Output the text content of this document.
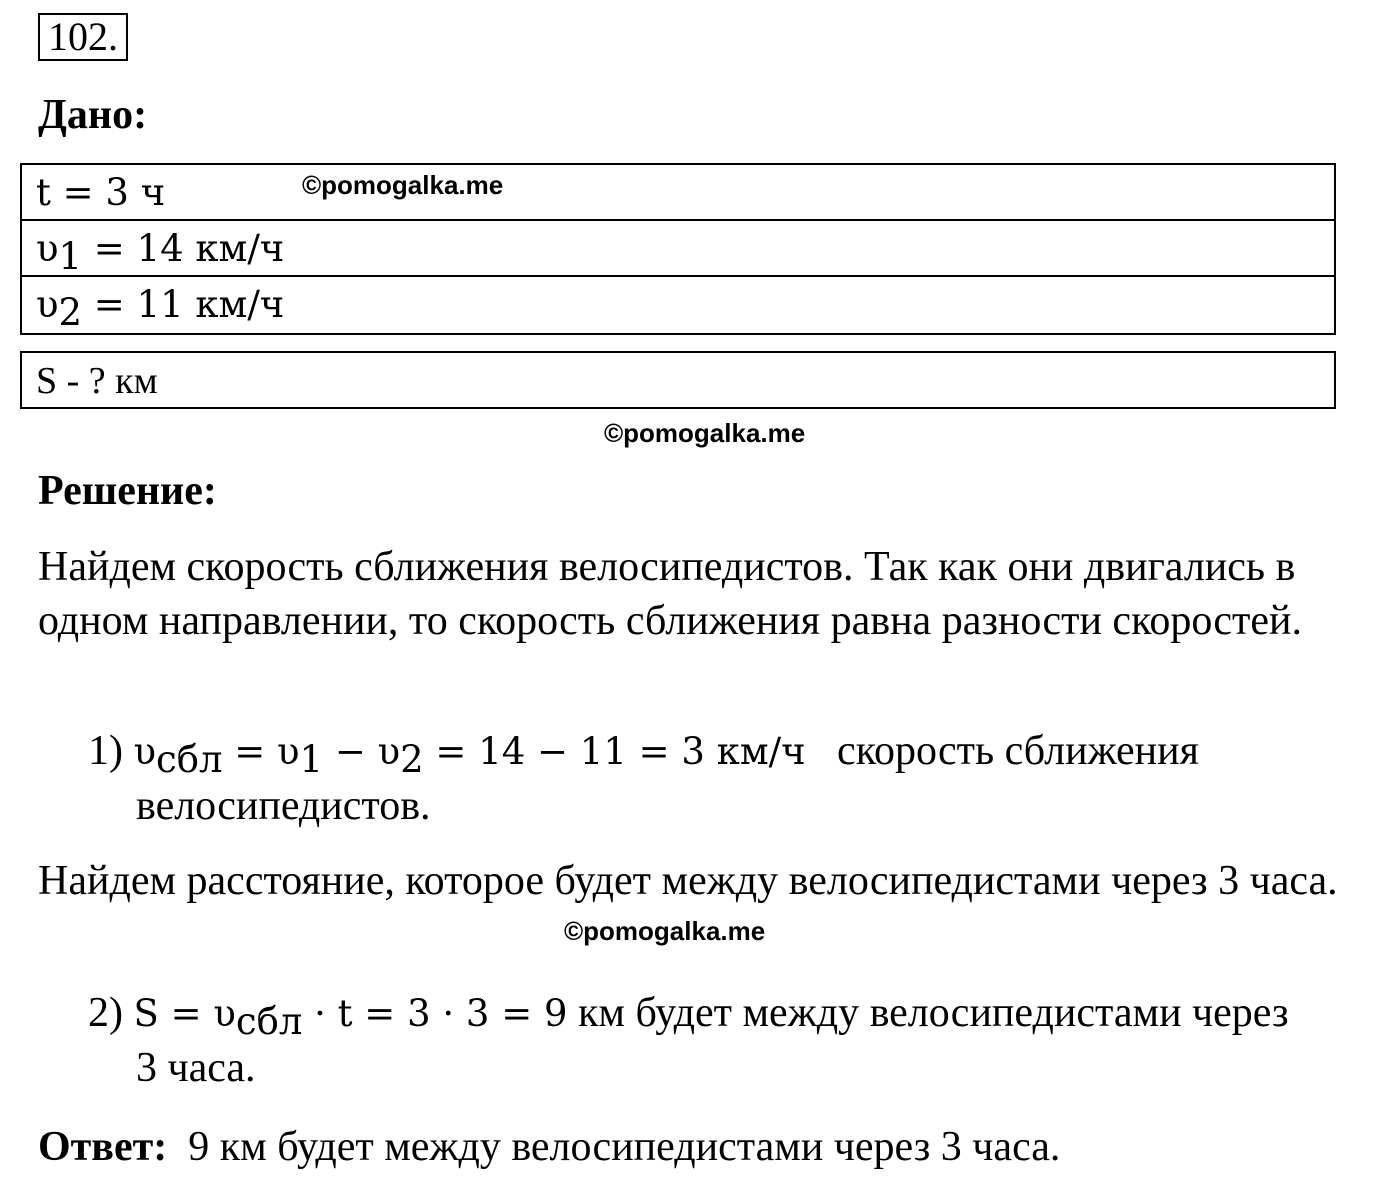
102.
Дано:
t = 3 ч
$\upsilon_1 = 14$ км/ч
$\upsilon_2 = 11$ км/ч
©pomogalka.me
S - ? км
©pomogalka.me
Решение:
Найдем скорость сближения велосипедистов. Так как они двигались в одном направлении, то скорость сближения равна разности скоростей.
1) $\upsilon_{сбл} = \upsilon_1 - \upsilon_2 = 14 - 11 = 3$ км/ч   скорость сближения
велосипедистов.
Найдем расстояние, которое будет между велосипедистами через 3 часа.
©pomogalka.me
2) $S = \upsilon_{сбл} \cdot t = 3 \cdot 3 = 9$ км будет между велосипедистами через
3 часа.
Ответ:  9 км будет между велосипедистами через 3 часа.
